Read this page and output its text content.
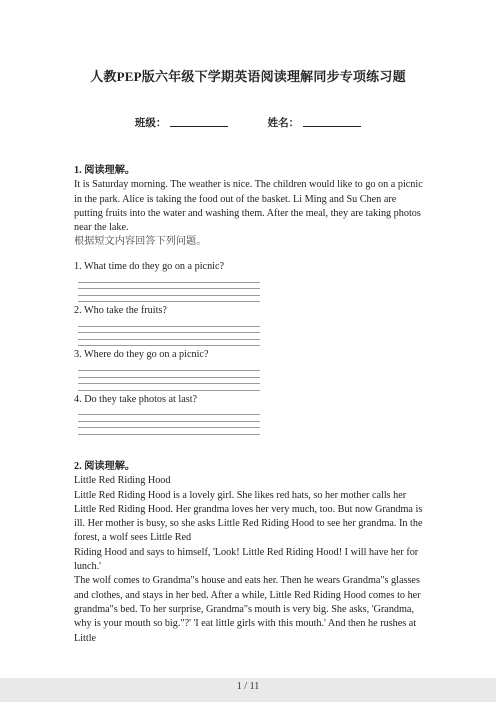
人教PEP版六年级下学期英语阅读理解同步专项练习题
班级：	姓名：
1. 阅读理解。

It is Saturday morning. The weather is nice. The children would like to go on a picnic in the park. Alice is taking the food out of the basket. Li Ming and Su Chen are putting fruits into the water and washing them. After the meal, they are taking photos near the lake.

根据短文内容回答下列问题。

1. What time do they go on a picnic?

2. Who take the fruits?

3. Where do they go on a picnic?

4. Do they take photos at last?

2. 阅读理解。

Little Red Riding Hood

Little Red Riding Hood is a lovely girl. She likes red hats, so her mother calls her Little Red Riding Hood. Her grandma loves her very much, too. But now Grandma is ill. Her mother is busy, so she asks Little Red Riding Hood to see her grandma. In the forest, a wolf sees Little Red

Riding Hood and says to himself, 'Look! Little Red Riding Hood! I will have her for lunch.'

The wolf comes to Grandma"s house and eats her. Then he wears Grandma"s glasses and clothes, and stays in her bed. After a while, Little Red Riding Hood comes to her grandma"s bed. To her surprise, Grandma"s mouth is very big. She asks, 'Grandma, why is your mouth so big."?' 'I eat little girls with this mouth.' And then he rushes at Little

1 / 11
